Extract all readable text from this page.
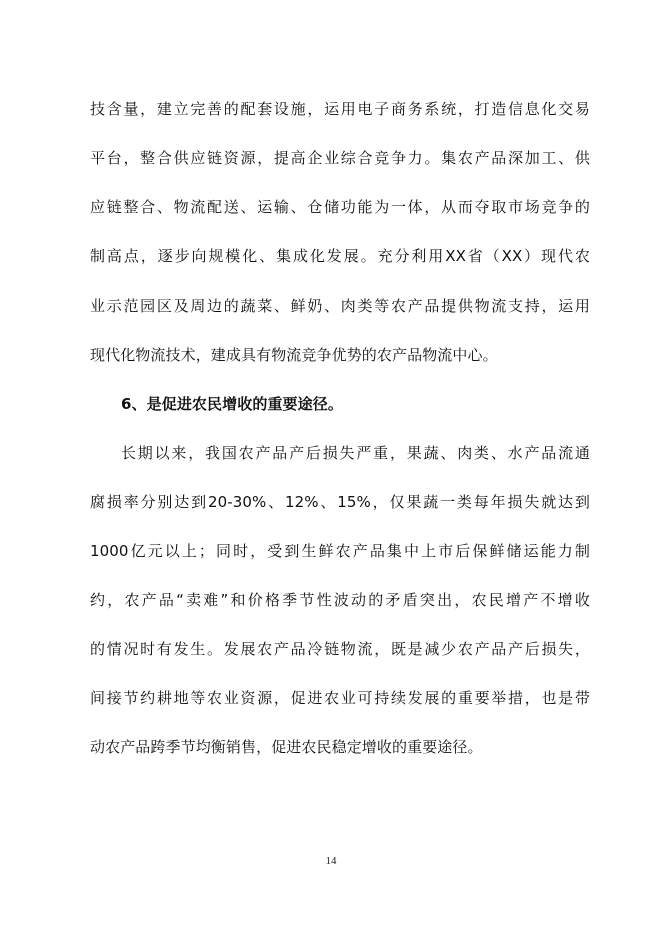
技含量，建立完善的配套设施，运用电子商务系统，打造信息化交易
平台，整合供应链资源，提高企业综合竞争力。集农产品深加工、供
应链整合、物流配送、运输、仓储功能为一体，从而夺取市场竞争的
制高点，逐步向规模化、集成化发展。充分利用XX省（XX）现代农
业示范园区及周边的蔬菜、鲜奶、肉类等农产品提供物流支持，运用
现代化物流技术，建成具有物流竞争优势的农产品物流中心。
6、是促进农民增收的重要途径。
长期以来，我国农产品产后损失严重，果蔬、肉类、水产品流通
腐损率分别达到20-30%、12%、15%，仅果蔬一类每年损失就达到
1000亿元以上；同时，受到生鲜农产品集中上市后保鲜储运能力制
约，农产品“卖难”和价格季节性波动的矛盾突出，农民增产不增收
的情况时有发生。发展农产品冷链物流，既是减少农产品产后损失，
间接节约耕地等农业资源，促进农业可持续发展的重要举措，也是带
动农产品跨季节均衡销售，促进农民稳定增收的重要途径。
14
